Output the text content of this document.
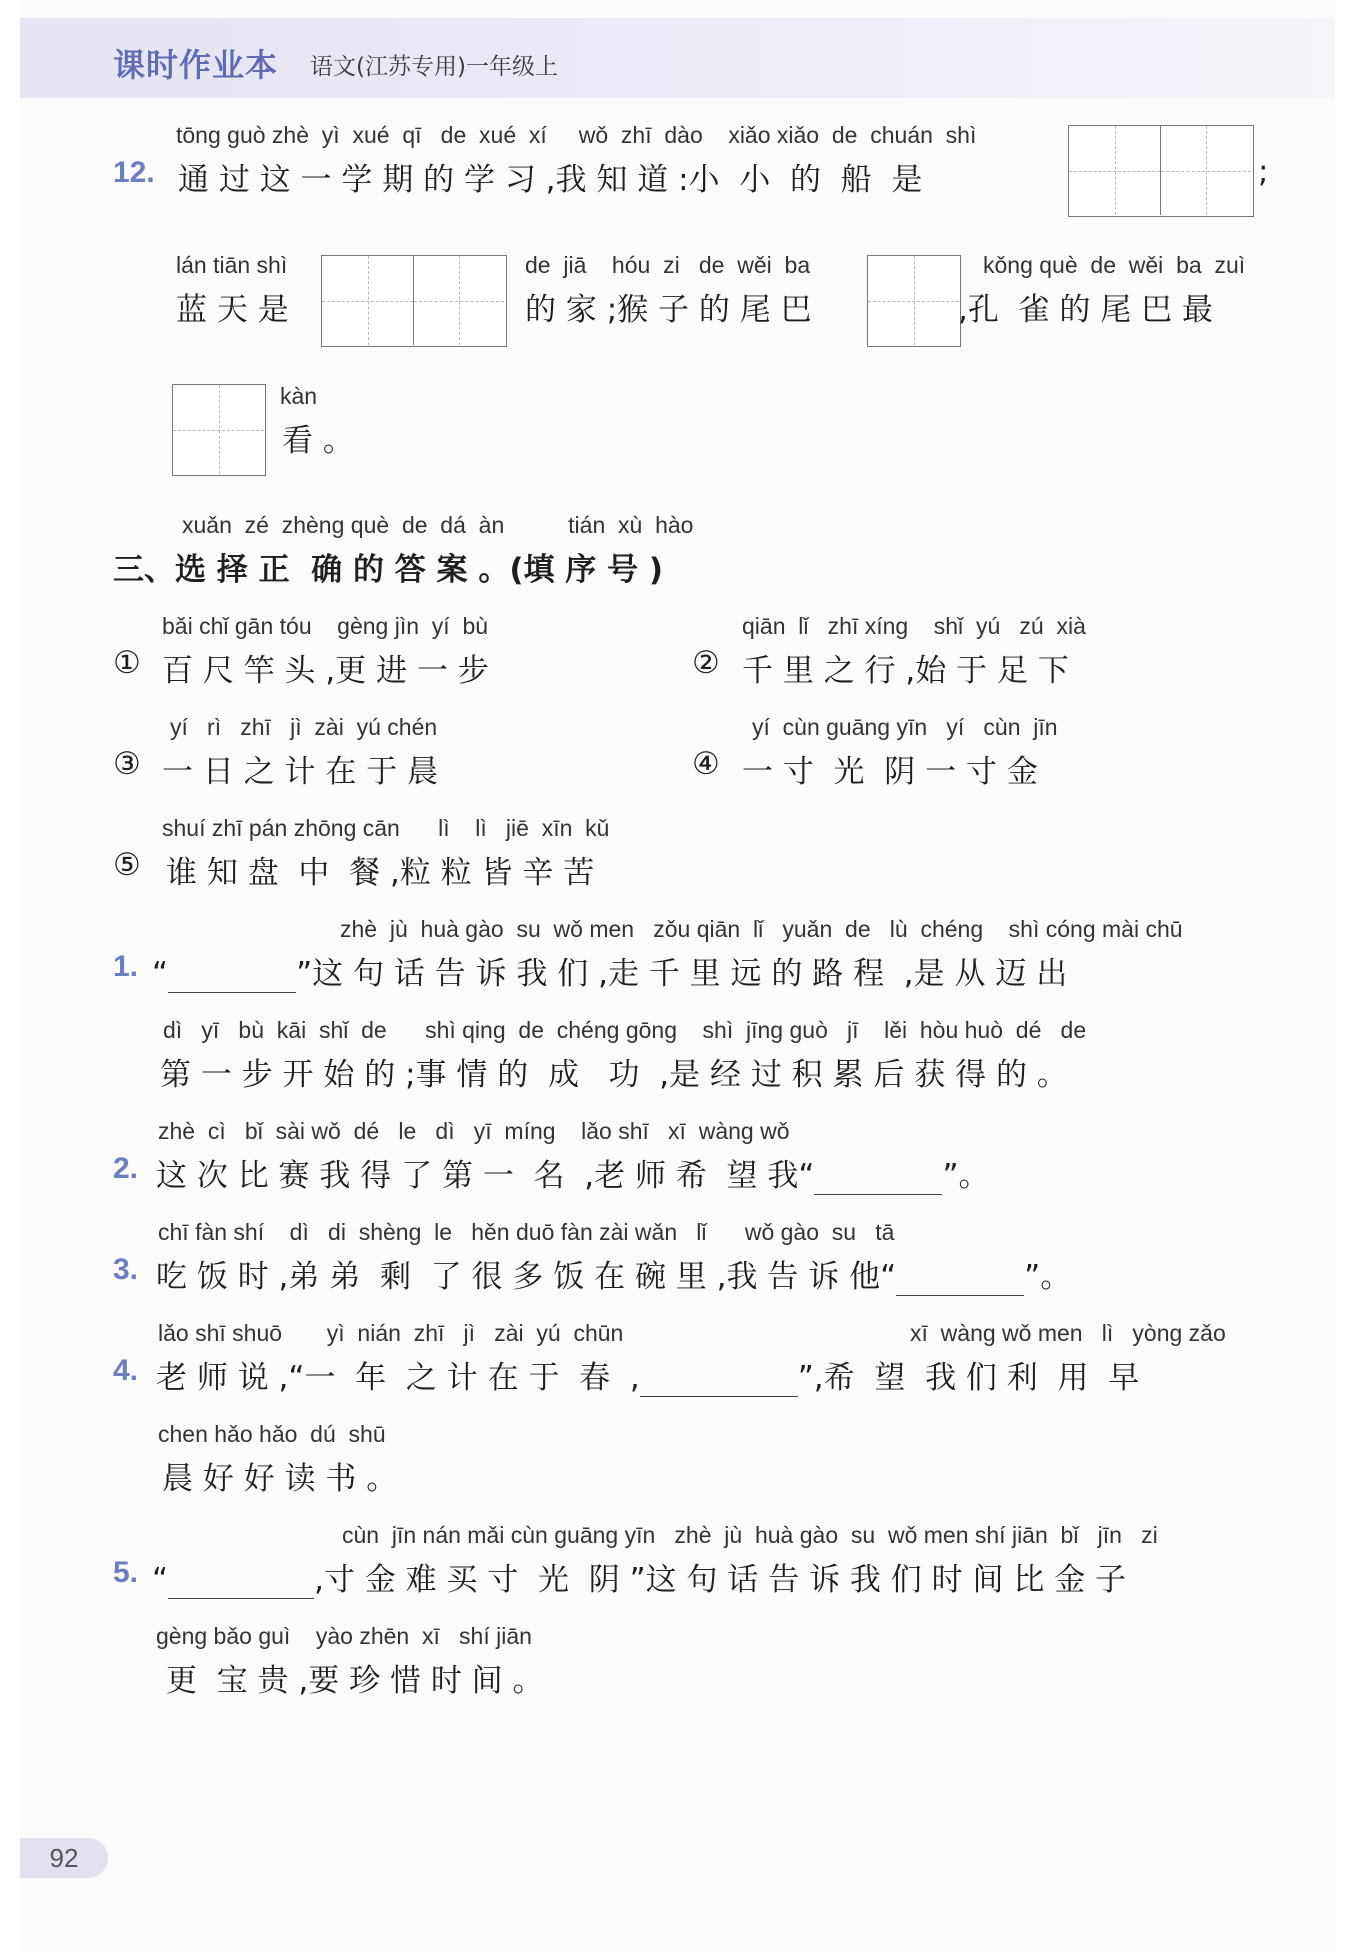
课时作业本 语文(江苏专用)一年级上
12.
tōng guò zhè  yì  xué  qī   de  xué  xí     wǒ  zhī  dào    xiǎo xiǎo  de  chuán  shì
通 过 这 一 学 期 的 学 习 ,我 知 道 :小  小  的  船  是	;
lán tiān shì
蓝 天 是
de  jiā    hóu  zi   de  wěi  ba
的 家 ;猴 子 的 尾 巴
kǒng què  de  wěi  ba  zuì
,孔  雀 的 尾 巴 最
kàn
看 。
xuǎn  zé  zhèng què  de  dá  àn          tián  xù  hào
三、选 择 正  确 的 答 案 。(填 序 号 )
bǎi chǐ gān tóu    gèng jìn  yí  bù
① 百 尺 竿 头 ,更 进 一 步
qiān  lǐ   zhī xíng    shǐ  yú   zú  xià
② 千 里 之 行 ,始 于 足 下
yí   rì   zhī   jì  zài  yú chén
③ 一 日 之 计 在 于 晨
yí  cùn guāng yīn   yí   cùn  jīn
④ 一 寸  光  阴 一 寸 金
shuí zhī pán zhōng cān      lì    lì   jiē  xīn  kǔ
⑤ 谁 知 盘  中  餐 ,粒 粒 皆 辛 苦
zhè  jù  huà gào  su  wǒ men   zǒu qiān  lǐ   yuǎn  de   lù  chéng    shì cóng mài chū
1. “	”这 句 话 告 诉 我 们 ,走 千 里 远 的 路 程  ,是 从 迈 出
dì   yī   bù  kāi  shǐ  de      shì qing  de  chéng gōng    shì  jīng guò   jī    lěi  hòu huò  dé   de
第 一 步 开 始 的 ;事 情 的  成   功  ,是 经 过 积 累 后 获 得 的 。
zhè  cì   bǐ  sài wǒ  dé   le   dì   yī  míng    lǎo shī   xī  wàng wǒ
2. 这 次 比 赛 我 得 了 第 一  名  ,老 师 希  望 我“	”。
chī fàn shí    dì   di  shèng  le   hěn duō fàn zài wǎn   lǐ      wǒ gào  su   tā
3. 吃 饭 时 ,弟 弟  剩  了 很 多 饭 在 碗 里 ,我 告 诉 他“	”。
lǎo shī shuō       yì  nián  zhī   jì   zài  yú  chūn	xī  wàng wǒ men   lì   yòng zǎo
4. 老 师 说 ,“一  年  之 计 在 于  春  ,	”,希  望  我 们 利  用  早
chen hǎo hǎo  dú  shū
晨 好 好 读 书 。
cùn  jīn nán mǎi cùn guāng yīn   zhè  jù  huà gào  su  wǒ men shí jiān  bǐ   jīn   zi
5. “	,寸 金 难 买 寸  光  阴 ”这 句 话 告 诉 我 们 时 间 比 金 子
gèng bǎo guì    yào zhēn  xī   shí jiān
更  宝 贵 ,要 珍 惜 时 间 。
92
